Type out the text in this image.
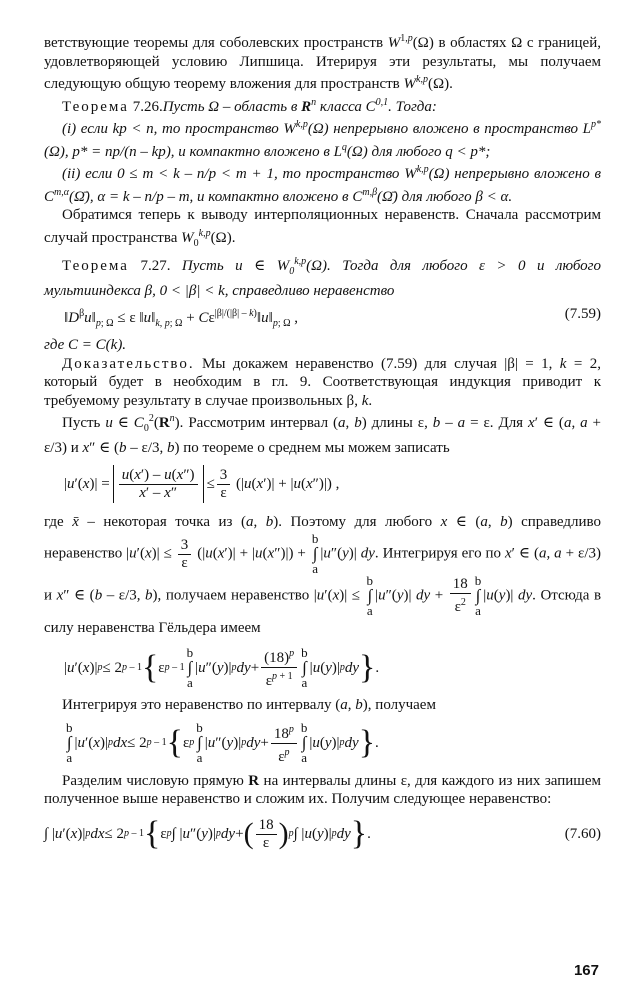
ветствующие теоремы для соболевских пространств W$^{1,p}$(Ω) в областях Ω с границей, удовлетворяющей условию Липшица. Итерируя эти результаты, мы получаем следующую общую теорему вложения для пространств W$^{k,p}$(Ω).

Теорема 7.26.Пусть Ω – область в $R^n$ класса C$^{0,1}$. Тогда:

(i) если kp < n, то пространство W$^{k,p}$(Ω) непрерывно вложено в пространство $L^{p*}(\Omega)$, p* = np/(n – kp), и компактно вложено в $L^q(\Omega)$ для любого q < p*;

(ii) если 0 ≤ m < k – n/p < m + 1, то пространство W$^{k,p}$(Ω) непрерывно вложено в $C^{m,\alpha}(\Omegā)$, α = k – n/p – m, и компактно вложено в $C^{m,\beta}(\Omegā)$ для любого β < α.

Обратимся теперь к выводу интерполяционных неравенств. Сначала рассмотрим случай пространства $W_0^{k,p}(\Omega)$.

Теорема 7.27. Пусть u ∈ $W_0^{k,p}(\Omega)$. Тогда для любого ε > 0 и любого мультииндекса β, 0 < |β| < k, справедливо неравенство

$‖D^\beta u‖_{p; \Omega} \le \varepsilon$ $‖u‖_{k, p; \Omega}$ + $C\varepsilon^{|\beta|/(|\beta| - k)}‖u‖_{p; \Omega}$ ,	(7.59)

где C = C(k).

Доказательство. Мы докажем неравенство (7.59) для случая |β| = 1, k = 2, который будет в необходим в гл. 9. Соответствующая индукция приводит к требуемому результату в случае произвольных β, k.

Пусть u ∈ $C_0^2(R^n)$. Рассмотрим интервал (a, b) длины ε, b – a = ε. Для x′ ∈ (a, a + ε/3) и x″ ∈ (b – ε/3, b) по теореме о среднем мы можем записать

| u ′( x )| = $\frac{u(x') - u(x'')}{x' - x''} \le \frac{3}{\varepsilon}$ (| u ( x ′)| + | u ( x ″)|) ,

где x̄ – некоторая точка из (a, b). Поэтому для любого x ∈ (a, b) справедливо неравенство $|u'(x)| \le \frac{3}{\varepsilon} (|u(x')| + |u(x'')|)$ +
b
∫
a
|u″(y)| dy. Интегрируя его по x′ ∈ (a, a + ε/3) и x″ ∈ (b – ε/3, b), получаем неравенство |u′(x)| ≤
b
∫
a
|u″(y)| dy + $\frac{18}{\varepsilon^2}$ b
∫
a
|u(y)| dy. Отсюда в силу неравенства Гёльдера имеем

| u ′( x )| p ≤ 2 p – 1 { ε p – 1
b
∫
a
| u ″( y )| p dy + $\frac{(18)^p}{\varepsilon^{p + 1}}$ b
∫
a
| u ( y )| p dy } .

Интегрируя это неравенство по интервалу (a, b), получаем

b
∫
a
| u ′( x )| p dx ≤ 2 p – 1 { ε p
b
∫
a
| u ″( y )| p dy + $\frac{18^p}{\varepsilon^p}$ b
∫
a
| u ( y )| p dy } .

Разделим числовую прямую R на интервалы длины ε, для каждого из них запишем полученное выше неравенство и сложим их. Получим следующее неравенство:

∫ | u ′( x )| p dx ≤ 2 p – 1 { ε p ∫ | u ″( y )| p dy + ( $\frac{18}{\varepsilon}$ ) p ∫ | u ( y )| p dy } .	(7.60)
167
